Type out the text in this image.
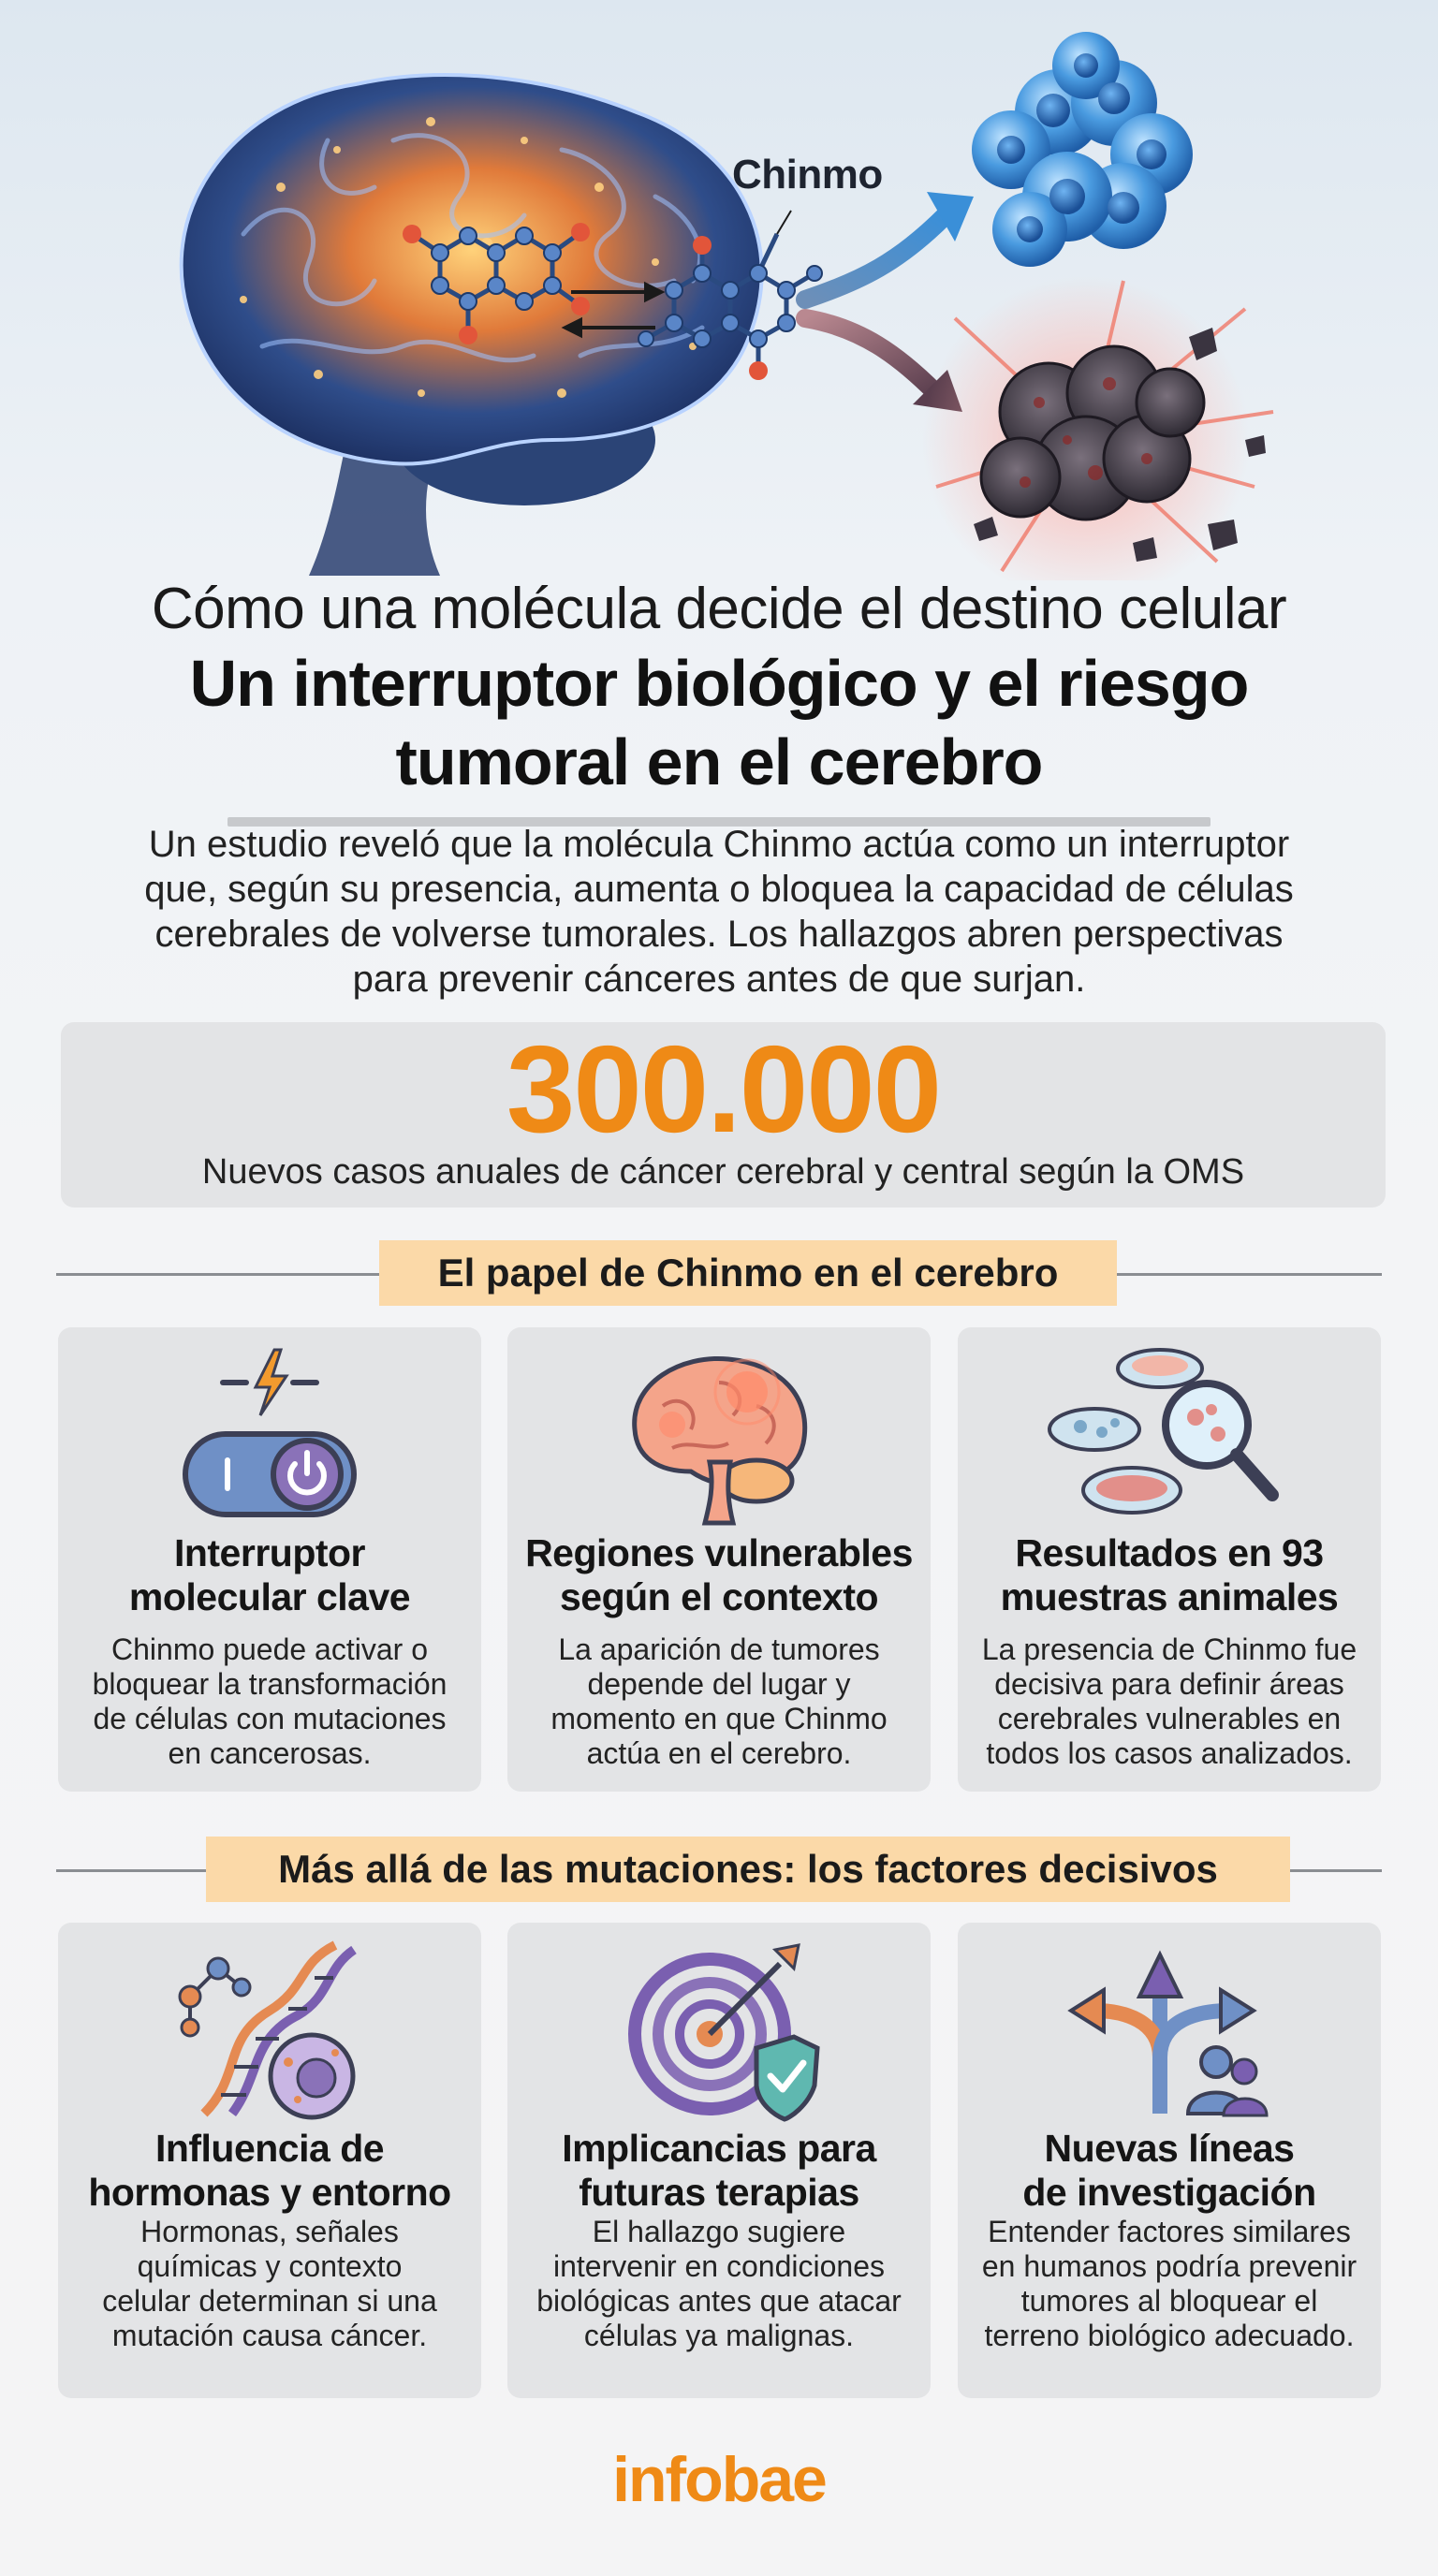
Chinmo
Cómo una molécula decide el destino celular
Un interruptor biológico y el riesgo
tumoral en el cerebro
Un estudio reveló que la molécula Chinmo actúa como un interruptor
que, según su presencia, aumenta o bloquea la capacidad de células
cerebrales de volverse tumorales. Los hallazgos abren perspectivas
para prevenir cánceres antes de que surjan.
300.000
Nuevos casos anuales de cáncer cerebral y central según la OMS
El papel de Chinmo en el cerebro
Interruptor
molecular clave
Chinmo puede activar o
bloquear la transformación
de células con mutaciones
en cancerosas.
Regiones vulnerables
según el contexto
La aparición de tumores
depende del lugar y
momento en que Chinmo
actúa en el cerebro.
Resultados en 93
muestras animales
La presencia de Chinmo fue
decisiva para definir áreas
cerebrales vulnerables en
todos los casos analizados.
Más allá de las mutaciones: los factores decisivos
Influencia de
hormonas y entorno
Hormonas, señales
químicas y contexto
celular determinan si una
mutación causa cáncer.
Implicancias para
futuras terapias
El hallazgo sugiere
intervenir en condiciones
biológicas antes que atacar
células ya malignas.
Nuevas líneas
de investigación
Entender factores similares
en humanos podría prevenir
tumores al bloquear el
terreno biológico adecuado.
infobae
